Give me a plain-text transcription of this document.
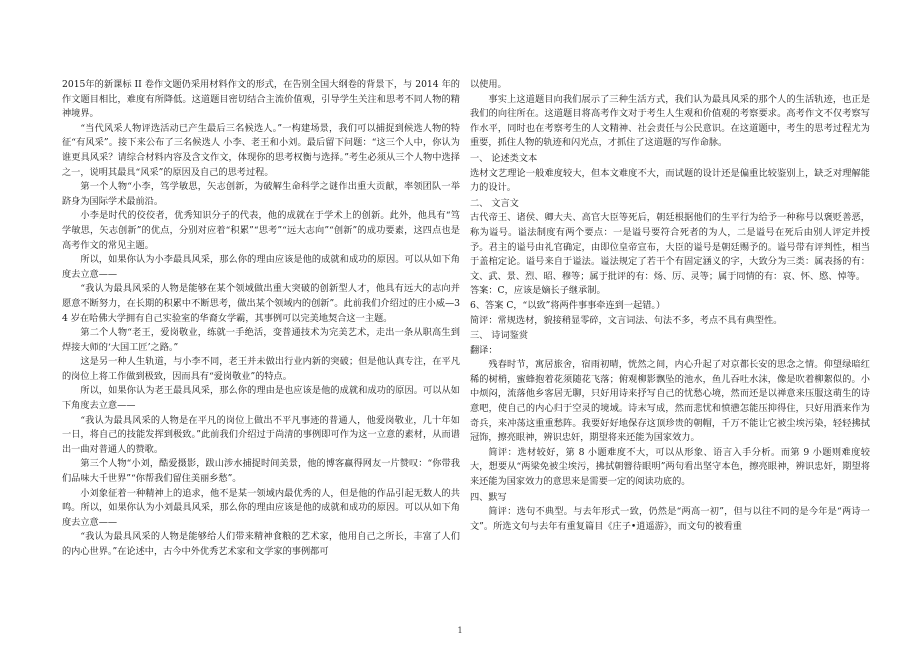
2015年的新课标 II 卷作文题仍采用材料作文的形式，在告别全国大纲卷的背景下，与 2014 年的作文题目相比，难度有所降低。这道题目密切结合主流价值观，引导学生关注和思考不同人物的精神境界。

“当代风采人物评选活动已产生最后三名候选人。”一构建场景，我们可以捕捉到候选人物的特征“有风采”。接下来公布了三名候选人 小李、老王和小刘。最后留下问题：“这三个人中，你认为谁更具风采？请综合材料内容及含文作文，体现你的思考权衡与选择。”考生必须从三个人物中选择之一，说明其最具“风采”的原因及自己的思考过程。

第一个人物“小李，笃学敏思，矢志创新，为破解生命科学之谜作出重大贡献，率领团队一举跻身为国际学术最前沿。

小李是时代的佼佼者，优秀知识分子的代表，他的成就在于学术上的创新。此外，他具有“笃学敏思，矢志创新”的优点，分别对应着“积累”“思考”“远大志向”“创新”的成功要素，这四点也是高考作文的常见主题。

所以，如果你认为小李最具风采，那么你的理由应该是他的成就和成功的原因。可以从如下角度去立意——

“我认为最具风采的人物是能够在某个领域做出重大突破的创新型人才，他具有远大的志向并愿意不断努力，在长期的积累中不断思考，做出某个领域内的创新”。此前我们介绍过的庄小威—34 岁在哈佛大学拥有自己实验室的华裔女学霸，其事例可以完美地契合这一主题。

第二个人物“老王，爱岗敬业，练就一手绝活，变普通技术为完美艺术，走出一条从职高生到焊接大师的‘大国工匠’之路。”

这是另一种人生轨道，与小李不同，老王并未做出行业内新的突破；但是他认真专注，在平凡的岗位上将工作做到极致，因而具有“爱岗敬业”的特点。

所以，如果你认为老王最具风采，那么你的理由是也应该是他的成就和成功的原因。可以从如下角度去立意——

“我认为最具风采的人物是在平凡的岗位上做出不平凡事迹的普通人，他爱岗敬业，几十年如一日，将自己的技能发挥到极致。”此前我们介绍过于尚清的事例即可作为这一立意的素材，从而谱出一曲对普通人的赞歌。

第三个人物“小刘，酷爱摄影，跋山涉水捕捉时间美景，他的博客赢得网友一片赞叹：“你带我们品味大千世界”“你帮我们留住美丽乡愁”。

小刘象征着一种精神上的追求，他不是某一领域内最优秀的人，但是他的作品引起无数人的共鸣。所以，如果你认为小刘最具风采，那么你的理由应该是他的成就和成功的原因。可以从如下角度去立意——

“我认为最具风采的人物是能够给人们带来精神食粮的艺术家，他用自己之所长，丰富了人们的内心世界。”在论述中，古今中外优秀艺术家和文学家的事例都可

以使用。

事实上这道题目向我们展示了三种生活方式，我们认为最具风采的那个人的生活轨迹，也正是我们的向往所在。这道题目将高考作文对于考生人生观和价值观的考察要求。高考作文不仅考察写作水平，同时也在考察考生的人文精神、社会责任与公民意识。在这道题中，考生的思考过程尤为重要，抓住人物的轨迹和闪光点，才抓住了这道题的写作命脉。

一、 论述类文本

选材文艺理论一般难度较大，但本文难度不大，而试题的设计还是偏重比较鉴别上，缺乏对理解能力的设计。

二、 文言文

古代帝王、诸侯、卿大夫、高官大臣等死后，朝廷根据他们的生平行为给予一种称号以褒贬善恶，称为谥号。谥法制度有两个要点：一是谥号要符合死者的为人，二是谥号在死后由别人评定并授予。君主的谥号由礼官确定，由即位皇帝宣布，大臣的谥号是朝廷赐予的。谥号带有评判性，相当于盖棺定论。谥号来自于谥法。谥法规定了若干个有固定涵义的字，大致分为三类：属表扬的有：文、武、景、烈、昭、穆等；属于批评的有：炀、厉、灵等；属于同情的有：哀、怀、愍、悼等。

答案：C，应该是嫡长子继承制。

6、答案 C，“以致”将两件事事牵连到一起错。）

简评：常规选材，貌接稍显零碎，文言词法、句法不多，考点不具有典型性。

三、 诗词鉴赏

翻译：

残春时节，寓居旅舍，宿雨初晴，恍然之间，内心升起了对京都长安的思念之情。仰望绿暗红稀的树梢，蜜蜂抱着花须随花飞落；俯观柳影飘坠的池水，鱼儿吞吐水沫，像是吹着柳絮似的。小中烦闷，流落他乡客居无聊，只好用诗来抒写自己的忧愁心境，然而还是以禅意来压服这萌生的诗意吧，使自己的内心归于空灵的境域。诗末写成，然而悲忧和愤懑怎能压抑得住，只好用酒来作为奇兵，来冲荡这重重愁阵。我要好好地保存这顶珍贵的朝帽，千万不能让它被尘埃污染，轻轻拂拭冠饰，擦亮眼神，辨识忠奸，期望将来还能为国家效力。

简评：选材较好，第 8 小题难度不大，可以从形象、语言入手分析。而第 9 小题则难度较大，想要从“两梁免被尘埃污，拂拭朝簪待眼明”两句看出坚守本色，擦亮眼神，辨识忠奸，期望将来还能为国家效力的意思来是需要一定的阅读功底的。

四、默写

简评：选句不典型。与去年形式一致，仍然是“两高一初”，但与以往不同的是今年是“两诗一文”。所选文句与去年有重复篇目《庄子•逍遥游》，而文句的被看重

1
